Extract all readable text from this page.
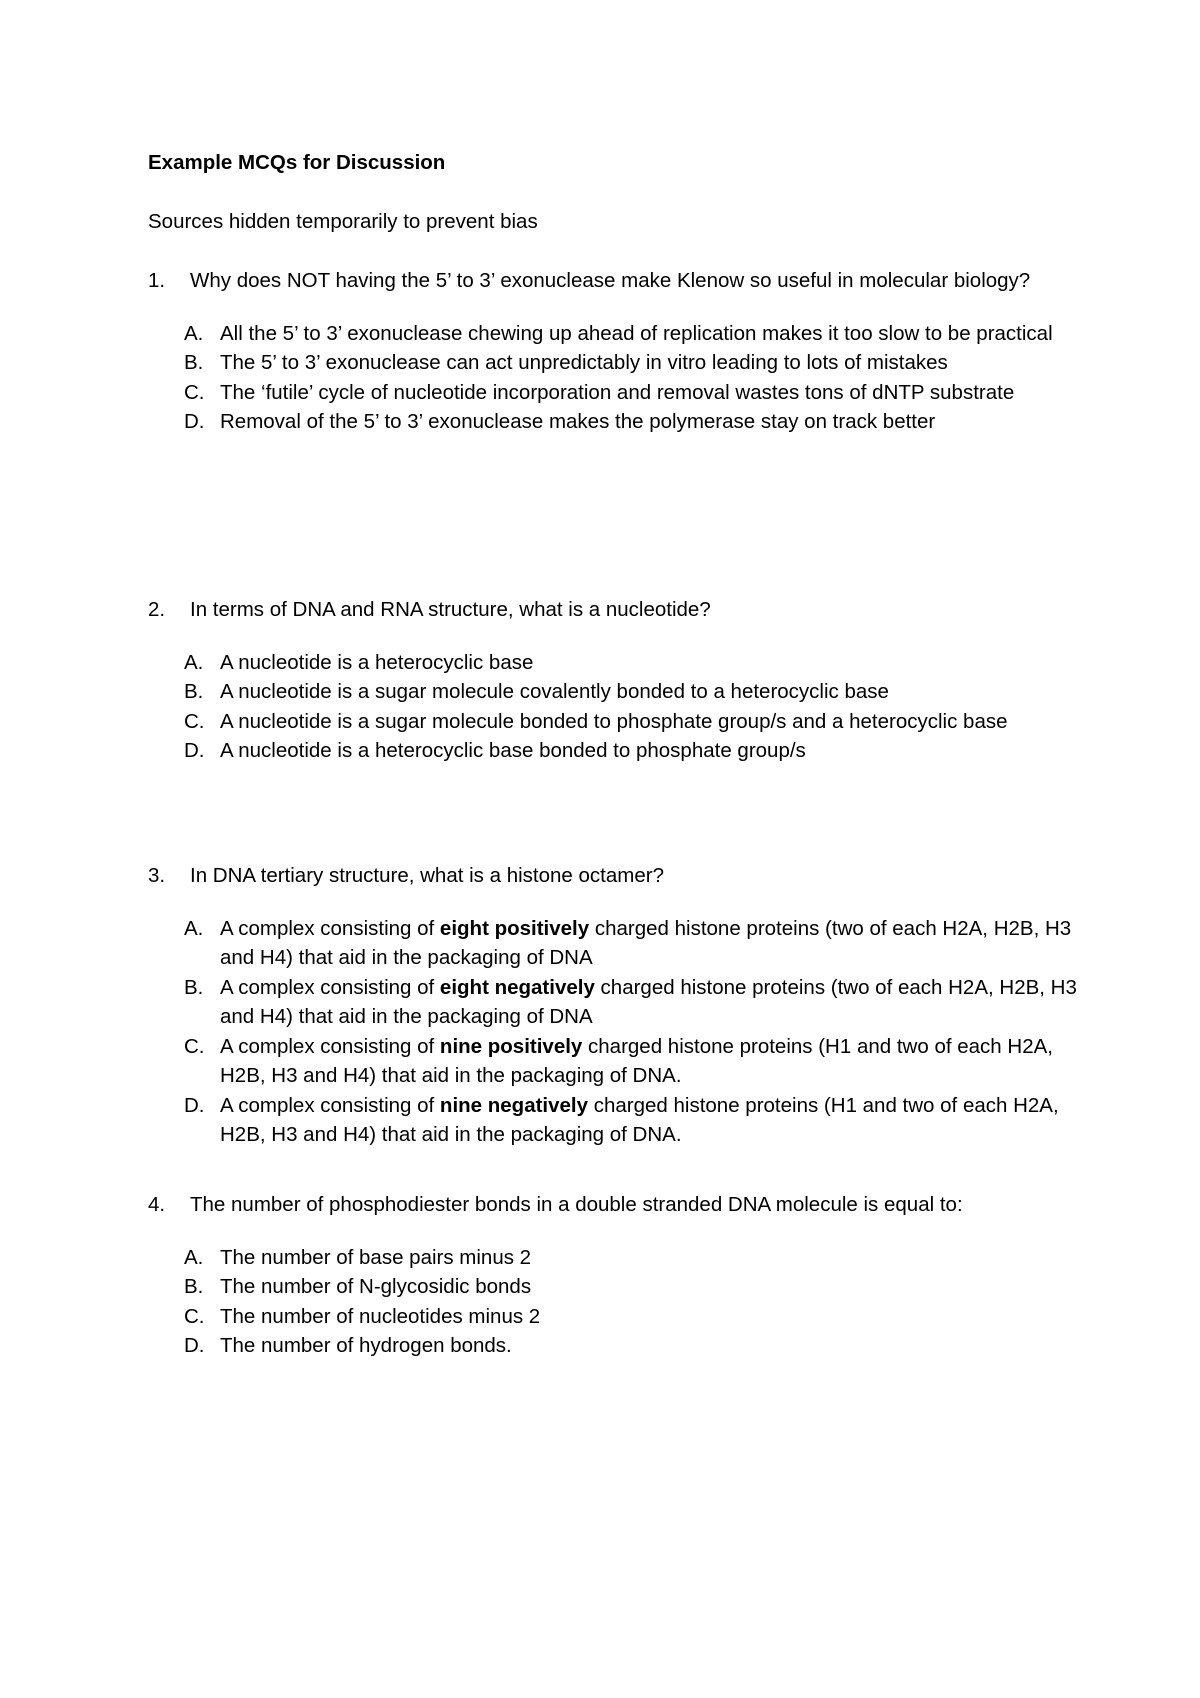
Example MCQs for Discussion
Sources hidden temporarily to prevent bias
1.	Why does NOT having the 5’ to 3’ exonuclease make Klenow so useful in molecular biology?
A. All the 5’ to 3’ exonuclease chewing up ahead of replication makes it too slow to be practical
B. The 5’ to 3’ exonuclease can act unpredictably in vitro leading to lots of mistakes
C. The ‘futile’ cycle of nucleotide incorporation and removal wastes tons of dNTP substrate
D. Removal of the 5’ to 3’ exonuclease makes the polymerase stay on track better
2.	In terms of DNA and RNA structure, what is a nucleotide?
A. A nucleotide is a heterocyclic base
B. A nucleotide is a sugar molecule covalently bonded to a heterocyclic base
C. A nucleotide is a sugar molecule bonded to phosphate group/s and a heterocyclic base
D. A nucleotide is a heterocyclic base bonded to phosphate group/s
3.	In DNA tertiary structure, what is a histone octamer?
A. A complex consisting of eight positively charged histone proteins (two of each H2A, H2B, H3 and H4) that aid in the packaging of DNA
B. A complex consisting of eight negatively charged histone proteins (two of each H2A, H2B, H3 and H4) that aid in the packaging of DNA
C. A complex consisting of nine positively charged histone proteins (H1 and two of each H2A, H2B, H3 and H4) that aid in the packaging of DNA.
D. A complex consisting of nine negatively charged histone proteins (H1 and two of each H2A, H2B, H3 and H4) that aid in the packaging of DNA.
4.	The number of phosphodiester bonds in a double stranded DNA molecule is equal to:
A. The number of base pairs minus 2
B. The number of N-glycosidic bonds
C. The number of nucleotides minus 2
D. The number of hydrogen bonds.
